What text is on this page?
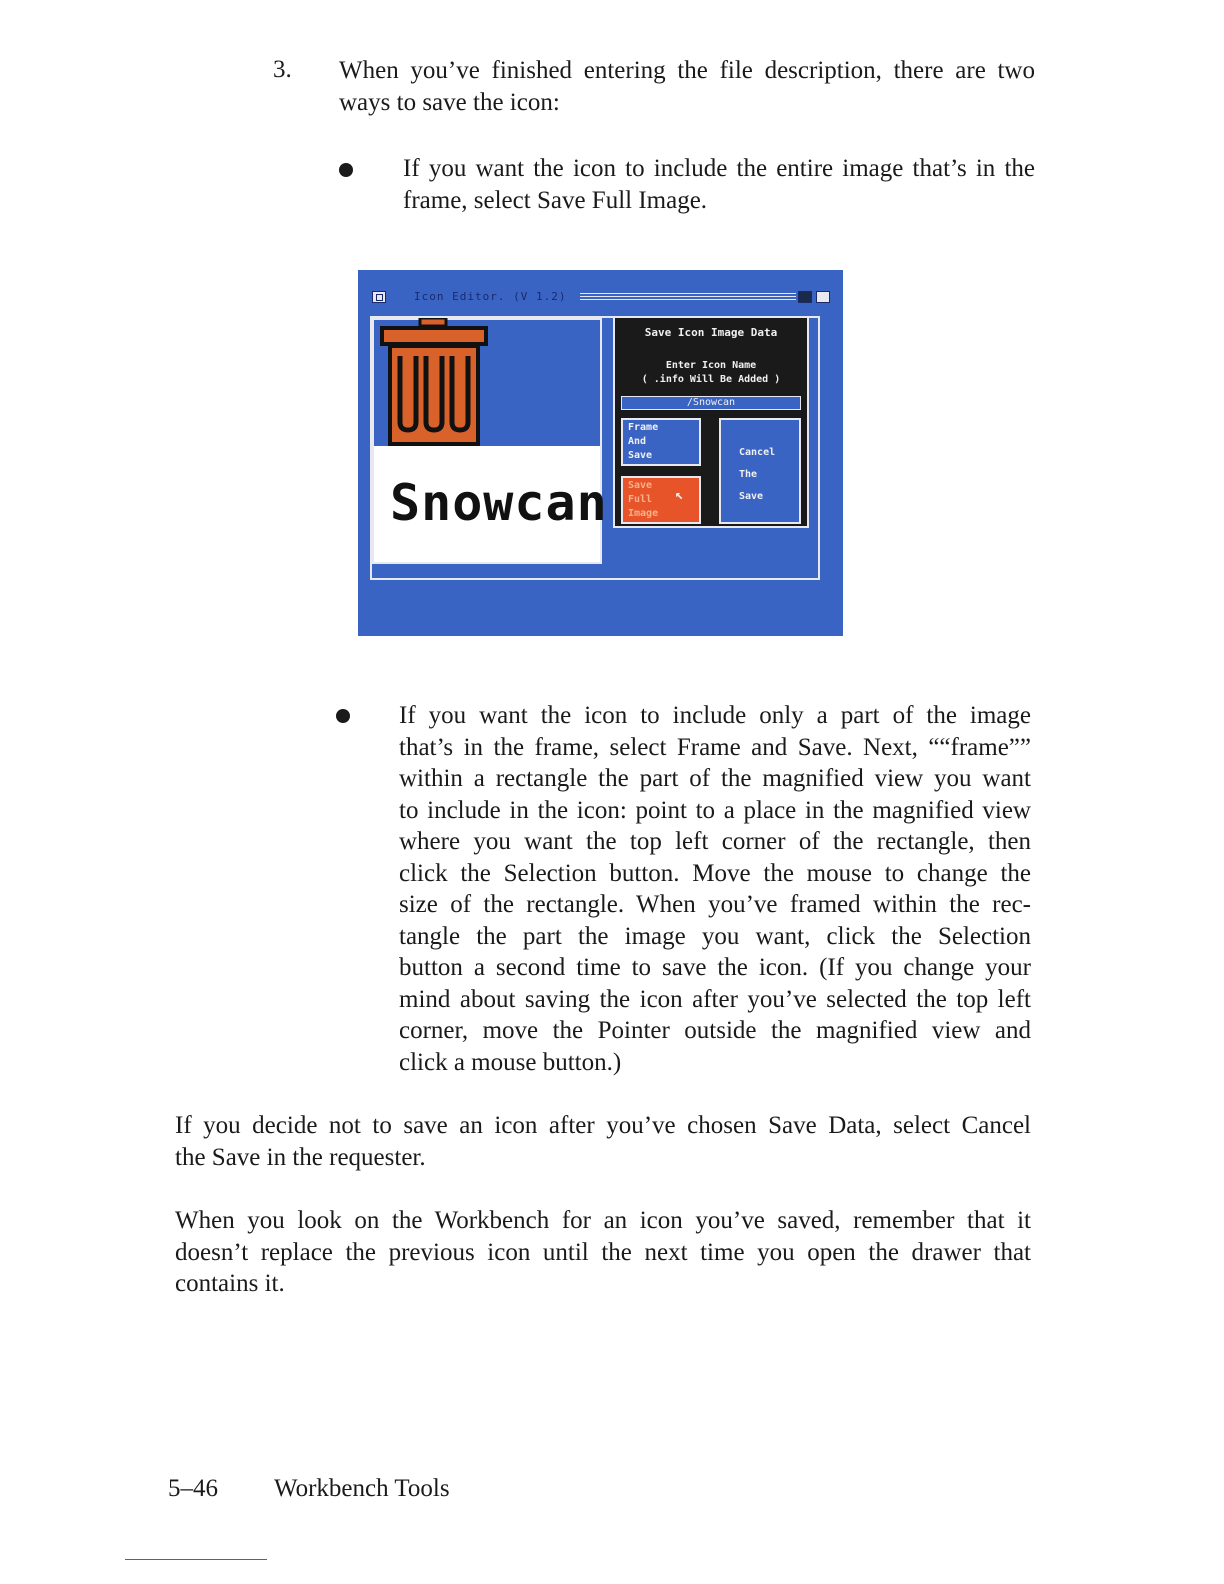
3. When you’ve finished entering the file description, there are two
ways to save the icon:
If you want the icon to include the entire image that’s in the
frame, select Save Full Image.
Icon Editor. (V 1.2)
Snowcan
Save Icon Image Data
Enter Icon Name
( .info Will Be Added )
/Snowcan
Frame
And
Save
Save
Full
Image
↖
Cancel
The
Save
If you want the icon to include only a part of the image
that’s in the frame, select Frame and Save. Next, ““frame””
within a rectangle the part of the magnified view you want
to include in the icon: point to a place in the magnified view
where you want the top left corner of the rectangle, then
click the Selection button. Move the mouse to change the
size of the rectangle. When you’ve framed within the rec-
tangle the part the image you want, click the Selection
button a second time to save the icon. (If you change your
mind about saving the icon after you’ve selected the top left
corner, move the Pointer outside the magnified view and
click a mouse button.)
If you decide not to save an icon after you’ve chosen Save Data, select Cancel
the Save in the requester.
When you look on the Workbench for an icon you’ve saved, remember that it
doesn’t replace the previous icon until the next time you open the drawer that
contains it.
5–46 Workbench Tools
